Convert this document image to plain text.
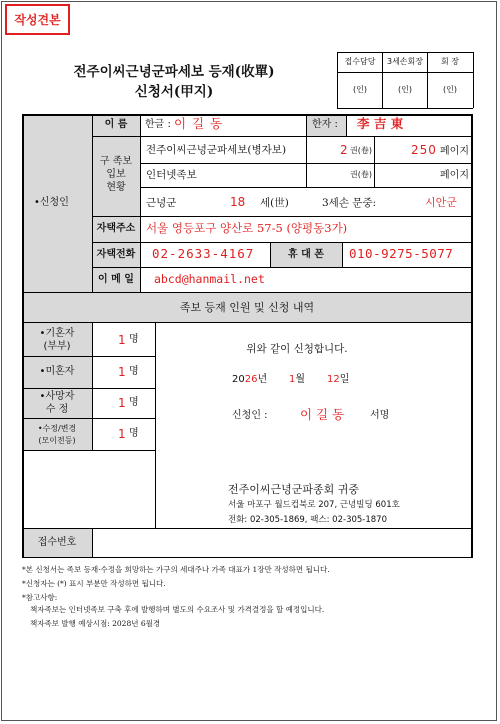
작성견본
전주이씨근녕군파세보 등재(收單)
신청서(甲지)
접수담당 3세손회장 회 장
(인)	(인)	(인)
•신청인
이 름 한글 : 이 길 동	한자 : 李 吉 東
구 족보
입보
현황
전주이씨근녕군파세보(병자보)	2 권(卷)	250 페이지
인터넷족보	권(卷)	페이지
근녕군	18 세(世)	3세손 문중:	시안군
자택주소 서울 영등포구 양산로 57-5 (양평동3가)
자택전화 02-2633-4167	휴 대 폰 010-9275-5077
이 메 일 abcd@hanmail.net
족보 등재 인원 및 신청 내역
•기혼자
(부부)	1 명
•미혼자	1 명
•사망자
수 정	1 명
•수정/변경
(모이전등)	1 명
위와 같이 신청합니다.
2026년 1월 12일
신청인 :	이 길 동	서명
전주이씨근녕군파종회 귀중
서울 마포구 월드컵북로 207, 근녕빌딩 601호
전화: 02-305-1869, 팩스: 02-305-1870
접수번호
*본 신청서는 족보 등재·수정을 희망하는 가구의 세대주나 가족 대표가 1장만 작성하면 됩니다.
*신청자는 (*) 표시 부분만 작성하면 됩니다.
*참고사항:
책자족보는 인터넷족보 구축 후에 발행하며 별도의 수요조사 및 가격결정을 할 예정입니다.
책자족보 발행 예상시점: 2028년 6월경
